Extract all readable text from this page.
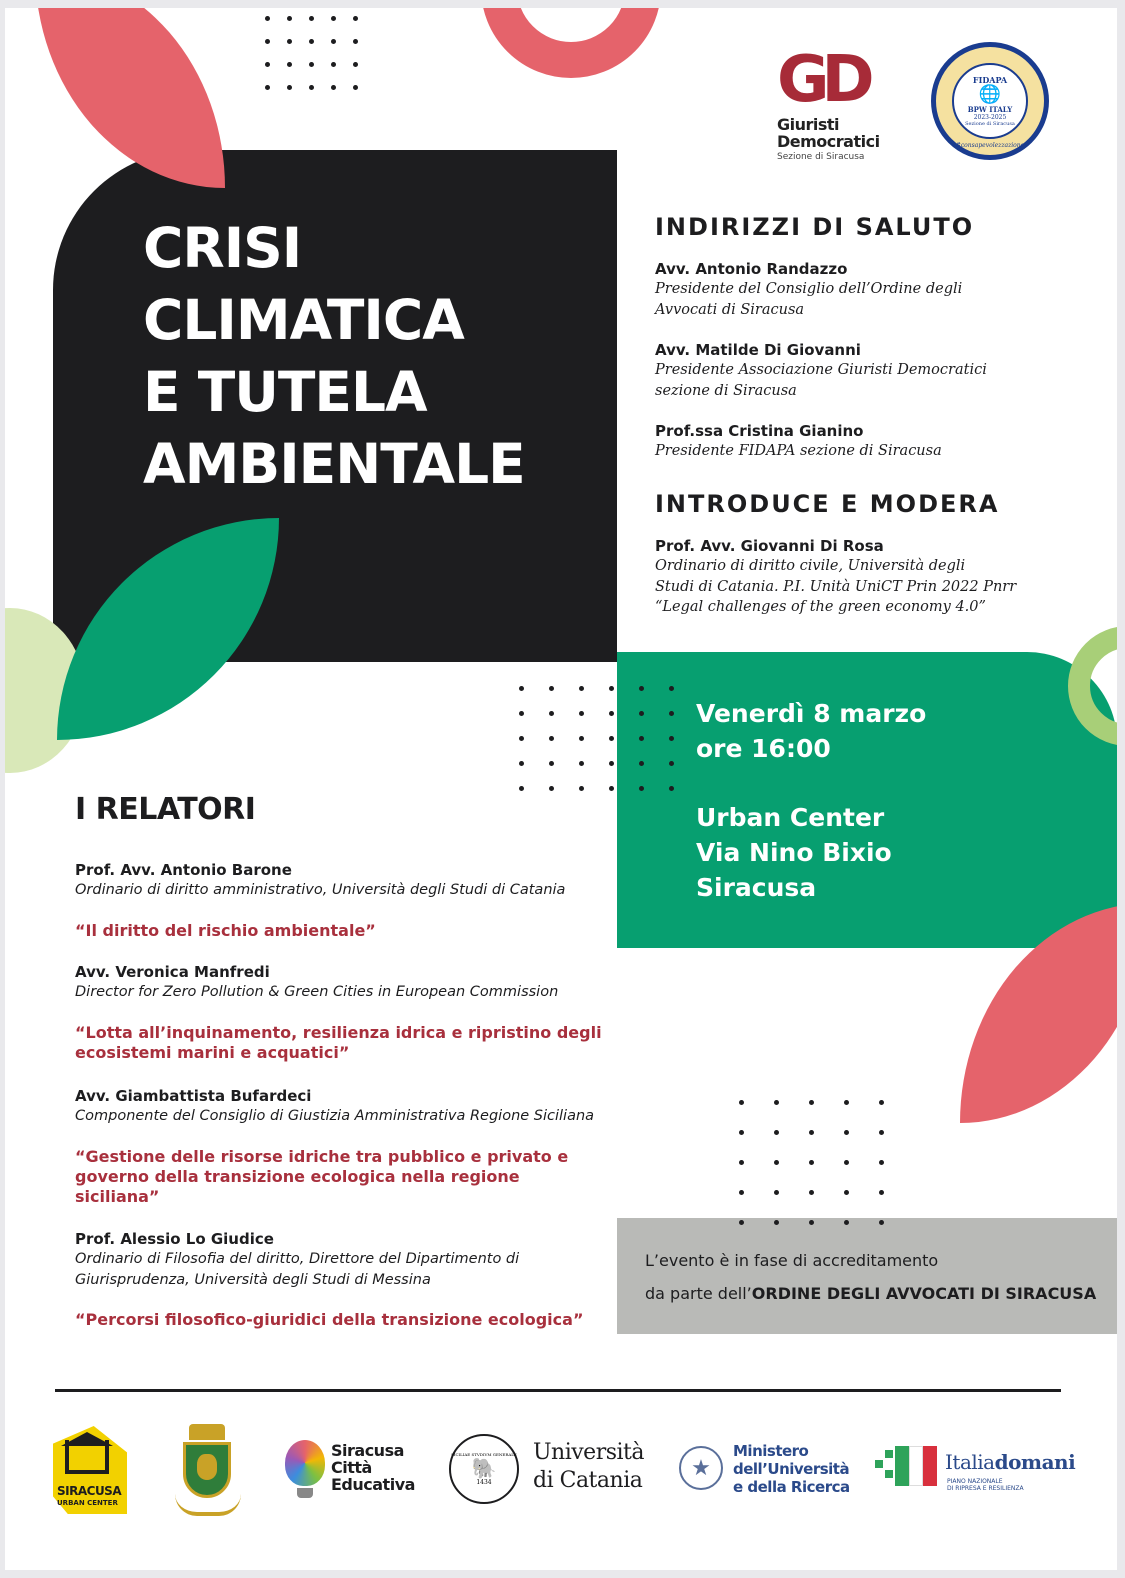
CRISI
CLIMATICA
E TUTELA
AMBIENTALE
GD
Giuristi
Democratici
Sezione di Siracusa
FIDAPA
🌐
BPW ITALY
2023-2025
Sezione di Siracusa
#consapevolezzazione
INDIRIZZI DI SALUTO
Avv. Antonio Randazzo
Presidente del Consiglio dell’Ordine degli
Avvocati di Siracusa
Avv. Matilde Di Giovanni
Presidente Associazione Giuristi Democratici
sezione di Siracusa
Prof.ssa Cristina Gianino
Presidente FIDAPA sezione di Siracusa
INTRODUCE E MODERA
Prof. Avv. Giovanni Di Rosa
Ordinario di diritto civile, Università degli
Studi di Catania. P.I. Unità UniCT Prin 2022 Pnrr
“Legal challenges of the green economy 4.0”
Venerdì 8 marzo
ore 16:00
Urban Center
Via Nino Bixio
Siracusa
I RELATORI
Prof. Avv. Antonio Barone
Ordinario di diritto amministrativo, Università degli Studi di Catania
“Il diritto del rischio ambientale”
Avv. Veronica Manfredi
Director for Zero Pollution & Green Cities in European Commission
“Lotta all’inquinamento, resilienza idrica e ripristino degli
ecosistemi marini e acquatici”
Avv. Giambattista Bufardeci
Componente del Consiglio di Giustizia Amministrativa Regione Siciliana
“Gestione delle risorse idriche tra pubblico e privato e
governo della transizione ecologica nella regione
siciliana”
Prof. Alessio Lo Giudice
Ordinario di Filosofia del diritto, Direttore del Dipartimento di
Giurisprudenza, Università degli Studi di Messina
“Percorsi filosofico-giuridici della transizione ecologica”
L’evento è in fase di accreditamento
da parte dell’ORDINE DEGLI AVVOCATI DI SIRACUSA
SIRACUSA
URBAN CENTER
Siracusa
Città
Educativa
SICILIAE STVDIVM GENERALE
🐘
1434
Università
di Catania	★
Ministero
dell’Università
e della Ricerca
Italiadomani
PIANO NAZIONALE
DI RIPRESA E RESILIENZA
